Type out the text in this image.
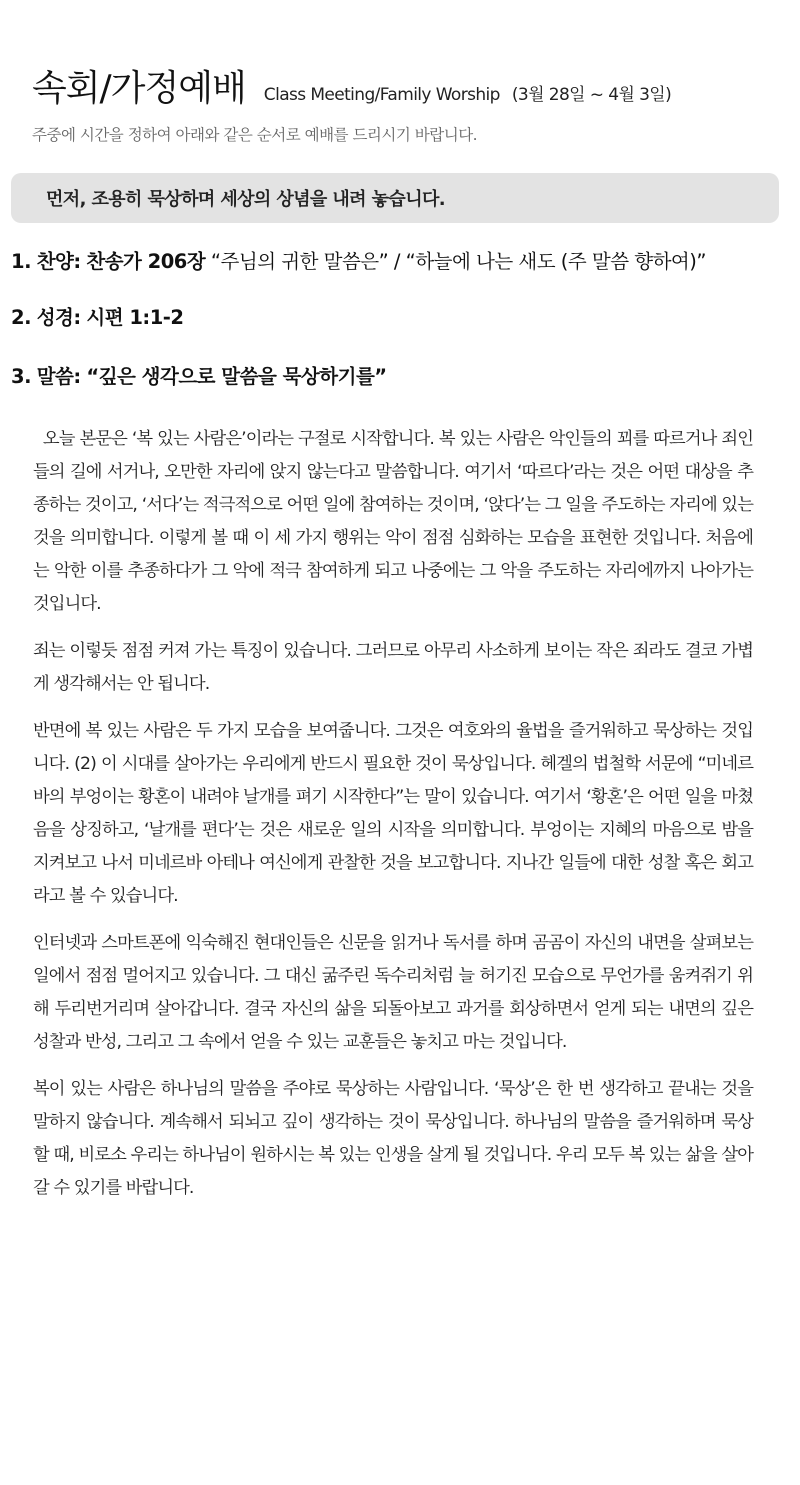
속회/가정예배 Class Meeting/Family Worship (3월 28일 ~ 4월 3일)
주중에 시간을 정하여 아래와 같은 순서로 예배를 드리시기 바랍니다.
먼저, 조용히 묵상하며 세상의 상념을 내려 놓습니다.
1. 찬양: 찬송가 206장 “주님의 귀한 말씀은” / “하늘에 나는 새도 (주 말씀 향하여)”
2. 성경: 시편 1:1-2
3. 말씀: “깊은 생각으로 말씀을 묵상하기를”

오늘 본문은 ‘복 있는 사람은’이라는 구절로 시작합니다. 복 있는 사람은 악인들의 꾀를 따르거나 죄인들의 길에 서거나, 오만한 자리에 앉지 않는다고 말씀합니다. 여기서 ‘따르다’라는 것은 어떤 대상을 추종하는 것이고, ‘서다’는 적극적으로 어떤 일에 참여하는 것이며, ‘앉다’는 그 일을 주도하는 자리에 있는 것을 의미합니다. 이렇게 볼 때 이 세 가지 행위는 악이 점점 심화하는 모습을 표현한 것입니다. 처음에는 악한 이를 추종하다가 그 악에 적극 참여하게 되고 나중에는 그 악을 주도하는 자리에까지 나아가는 것입니다.

죄는 이렇듯 점점 커져 가는 특징이 있습니다. 그러므로 아무리 사소하게 보이는 작은 죄라도 결코 가볍게 생각해서는 안 됩니다.

반면에 복 있는 사람은 두 가지 모습을 보여줍니다. 그것은 여호와의 율법을 즐거워하고 묵상하는 것입니다. (2) 이 시대를 살아가는 우리에게 반드시 필요한 것이 묵상입니다. 헤겔의 법철학 서문에 “미네르바의 부엉이는 황혼이 내려야 날개를 펴기 시작한다”는 말이 있습니다. 여기서 ‘황혼’은 어떤 일을 마쳤음을 상징하고, ‘날개를 편다’는 것은 새로운 일의 시작을 의미합니다. 부엉이는 지혜의 마음으로 밤을 지켜보고 나서 미네르바 아테나 여신에게 관찰한 것을 보고합니다. 지나간 일들에 대한 성찰 혹은 회고라고 볼 수 있습니다.

인터넷과 스마트폰에 익숙해진 현대인들은 신문을 읽거나 독서를 하며 곰곰이 자신의 내면을 살펴보는 일에서 점점 멀어지고 있습니다. 그 대신 굶주린 독수리처럼 늘 허기진 모습으로 무언가를 움켜쥐기 위해 두리번거리며 살아갑니다. 결국 자신의 삶을 되돌아보고 과거를 회상하면서 얻게 되는 내면의 깊은 성찰과 반성, 그리고 그 속에서 얻을 수 있는 교훈들은 놓치고 마는 것입니다.

복이 있는 사람은 하나님의 말씀을 주야로 묵상하는 사람입니다. ‘묵상’은 한 번 생각하고 끝내는 것을 말하지 않습니다. 계속해서 되뇌고 깊이 생각하는 것이 묵상입니다. 하나님의 말씀을 즐거워하며 묵상할 때, 비로소 우리는 하나님이 원하시는 복 있는 인생을 살게 될 것입니다. 우리 모두 복 있는 삶을 살아갈 수 있기를 바랍니다.
